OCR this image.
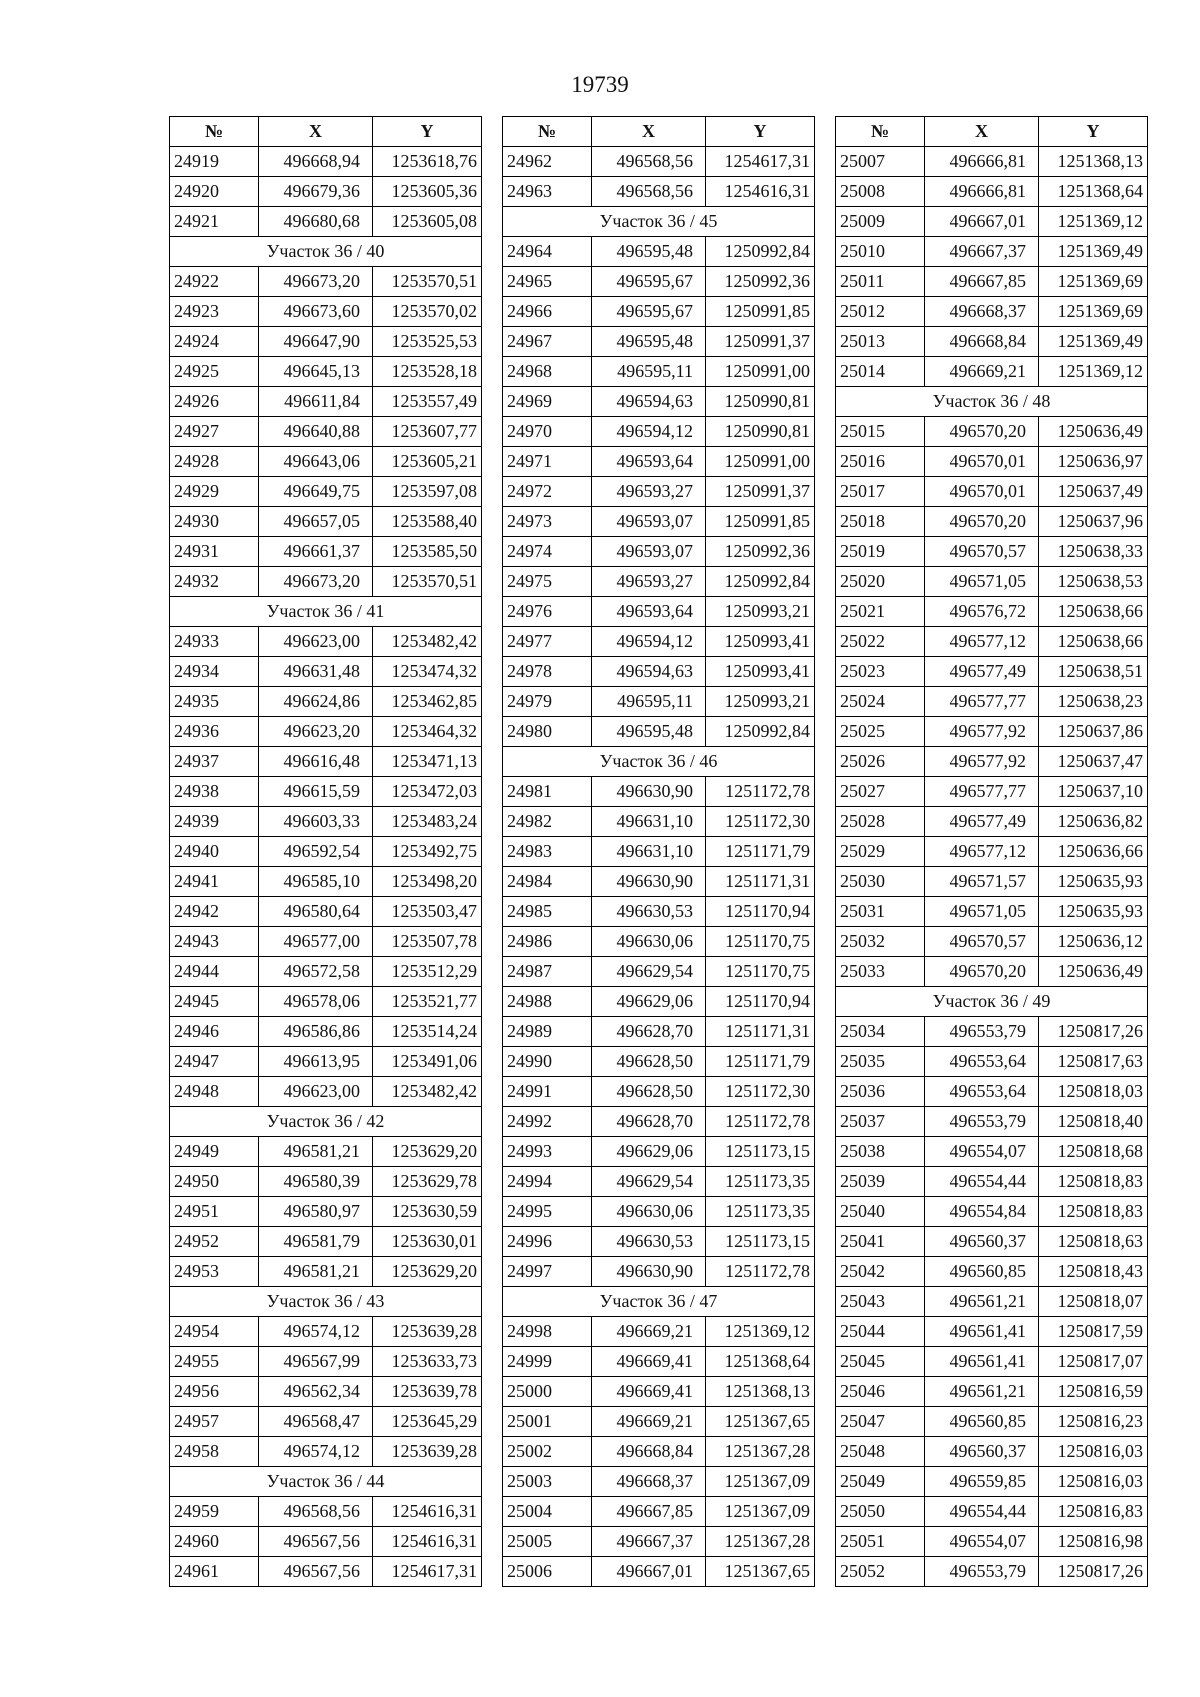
19739
№	X	Y
24919	496668,94	1253618,76
24920	496679,36	1253605,36
24921	496680,68	1253605,08
Участок 36 / 40		
24922	496673,20	1253570,51
24923	496673,60	1253570,02
24924	496647,90	1253525,53
24925	496645,13	1253528,18
24926	496611,84	1253557,49
24927	496640,88	1253607,77
24928	496643,06	1253605,21
24929	496649,75	1253597,08
24930	496657,05	1253588,40
24931	496661,37	1253585,50
24932	496673,20	1253570,51
Участок 36 / 41		
24933	496623,00	1253482,42
24934	496631,48	1253474,32
24935	496624,86	1253462,85
24936	496623,20	1253464,32
24937	496616,48	1253471,13
24938	496615,59	1253472,03
24939	496603,33	1253483,24
24940	496592,54	1253492,75
24941	496585,10	1253498,20
24942	496580,64	1253503,47
24943	496577,00	1253507,78
24944	496572,58	1253512,29
24945	496578,06	1253521,77
24946	496586,86	1253514,24
24947	496613,95	1253491,06
24948	496623,00	1253482,42
Участок 36 / 42		
24949	496581,21	1253629,20
24950	496580,39	1253629,78
24951	496580,97	1253630,59
24952	496581,79	1253630,01
24953	496581,21	1253629,20
Участок 36 / 43		
24954	496574,12	1253639,28
24955	496567,99	1253633,73
24956	496562,34	1253639,78
24957	496568,47	1253645,29
24958	496574,12	1253639,28
Участок 36 / 44		
24959	496568,56	1254616,31
24960	496567,56	1254616,31
24961	496567,56	1254617,31
№	X	Y
24962	496568,56	1254617,31
24963	496568,56	1254616,31
Участок 36 / 45		
24964	496595,48	1250992,84
24965	496595,67	1250992,36
24966	496595,67	1250991,85
24967	496595,48	1250991,37
24968	496595,11	1250991,00
24969	496594,63	1250990,81
24970	496594,12	1250990,81
24971	496593,64	1250991,00
24972	496593,27	1250991,37
24973	496593,07	1250991,85
24974	496593,07	1250992,36
24975	496593,27	1250992,84
24976	496593,64	1250993,21
24977	496594,12	1250993,41
24978	496594,63	1250993,41
24979	496595,11	1250993,21
24980	496595,48	1250992,84
Участок 36 / 46		
24981	496630,90	1251172,78
24982	496631,10	1251172,30
24983	496631,10	1251171,79
24984	496630,90	1251171,31
24985	496630,53	1251170,94
24986	496630,06	1251170,75
24987	496629,54	1251170,75
24988	496629,06	1251170,94
24989	496628,70	1251171,31
24990	496628,50	1251171,79
24991	496628,50	1251172,30
24992	496628,70	1251172,78
24993	496629,06	1251173,15
24994	496629,54	1251173,35
24995	496630,06	1251173,35
24996	496630,53	1251173,15
24997	496630,90	1251172,78
Участок 36 / 47		
24998	496669,21	1251369,12
24999	496669,41	1251368,64
25000	496669,41	1251368,13
25001	496669,21	1251367,65
25002	496668,84	1251367,28
25003	496668,37	1251367,09
25004	496667,85	1251367,09
25005	496667,37	1251367,28
25006	496667,01	1251367,65
№	X	Y
25007	496666,81	1251368,13
25008	496666,81	1251368,64
25009	496667,01	1251369,12
25010	496667,37	1251369,49
25011	496667,85	1251369,69
25012	496668,37	1251369,69
25013	496668,84	1251369,49
25014	496669,21	1251369,12
Участок 36 / 48		
25015	496570,20	1250636,49
25016	496570,01	1250636,97
25017	496570,01	1250637,49
25018	496570,20	1250637,96
25019	496570,57	1250638,33
25020	496571,05	1250638,53
25021	496576,72	1250638,66
25022	496577,12	1250638,66
25023	496577,49	1250638,51
25024	496577,77	1250638,23
25025	496577,92	1250637,86
25026	496577,92	1250637,47
25027	496577,77	1250637,10
25028	496577,49	1250636,82
25029	496577,12	1250636,66
25030	496571,57	1250635,93
25031	496571,05	1250635,93
25032	496570,57	1250636,12
25033	496570,20	1250636,49
Участок 36 / 49		
25034	496553,79	1250817,26
25035	496553,64	1250817,63
25036	496553,64	1250818,03
25037	496553,79	1250818,40
25038	496554,07	1250818,68
25039	496554,44	1250818,83
25040	496554,84	1250818,83
25041	496560,37	1250818,63
25042	496560,85	1250818,43
25043	496561,21	1250818,07
25044	496561,41	1250817,59
25045	496561,41	1250817,07
25046	496561,21	1250816,59
25047	496560,85	1250816,23
25048	496560,37	1250816,03
25049	496559,85	1250816,03
25050	496554,44	1250816,83
25051	496554,07	1250816,98
25052	496553,79	1250817,26
